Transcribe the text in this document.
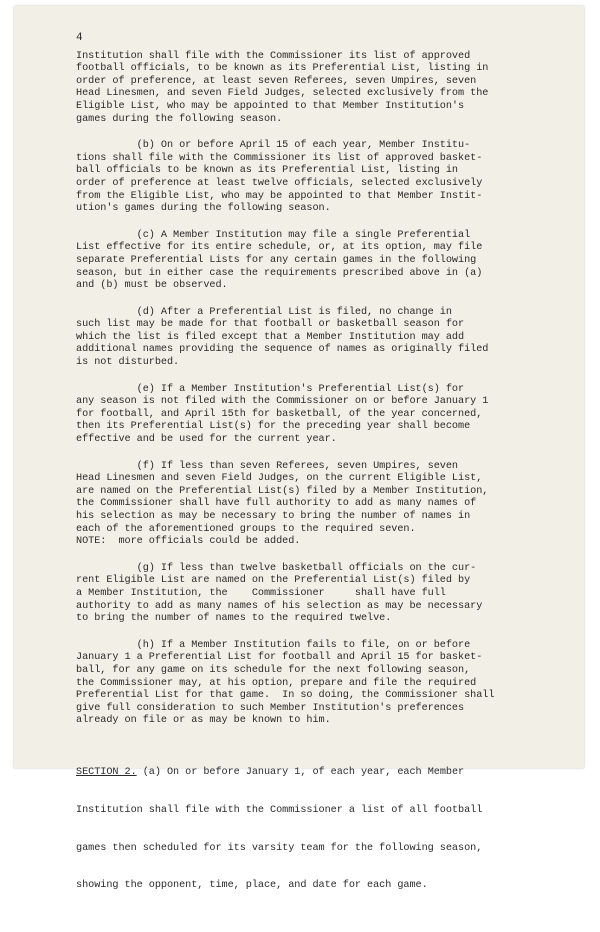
4
Institution shall file with the Commissioner its list of approved
football officials, to be known as its Preferential List, listing in
order of preference, at least seven Referees, seven Umpires, seven
Head Linesmen, and seven Field Judges, selected exclusively from the
Eligible List, who may be appointed to that Member Institution's
games during the following season.
(b) On or before April 15 of each year, Member Institu-
tions shall file with the Commissioner its list of approved basket-
ball officials to be known as its Preferential List, listing in
order of preference at least twelve officials, selected exclusively
from the Eligible List, who may be appointed to that Member Instit-
ution's games during the following season.
(c) A Member Institution may file a single Preferential
List effective for its entire schedule, or, at its option, may file
separate Preferential Lists for any certain games in the following
season, but in either case the requirements prescribed above in (a)
and (b) must be observed.
(d) After a Preferential List is filed, no change in
such list may be made for that football or basketball season for
which the list is filed except that a Member Institution may add
additional names providing the sequence of names as originally filed
is not disturbed.
(e) If a Member Institution's Preferential List(s) for
any season is not filed with the Commissioner on or before January 1
for football, and April 15th for basketball, of the year concerned,
then its Preferential List(s) for the preceding year shall become
effective and be used for the current year.
(f) If less than seven Referees, seven Umpires, seven
Head Linesmen and seven Field Judges, on the current Eligible List,
are named on the Preferential List(s) filed by a Member Institution,
the Commissioner shall have full authority to add as many names of
his selection as may be necessary to bring the number of names in
each of the aforementioned groups to the required seven.
NOTE:  more officials could be added.
(g) If less than twelve basketball officials on the cur-
rent Eligible List are named on the Preferential List(s) filed by
a Member Institution, the    Commissioner     shall have full
authority to add as many names of his selection as may be necessary
to bring the number of names to the required twelve.
(h) If a Member Institution fails to file, on or before
January 1 a Preferential List for football and April 15 for basket-
ball, for any game on its schedule for the next following season,
the Commissioner may, at his option, prepare and file the required
Preferential List for that game.  In so doing, the Commissioner shall
give full consideration to such Member Institution's preferences
already on file or as may be known to him.

SECTION 2. (a) On or before January 1, of each year, each Member

Institution shall file with the Commissioner a list of all football

games then scheduled for its varsity team for the following season,

showing the opponent, time, place, and date for each game.
